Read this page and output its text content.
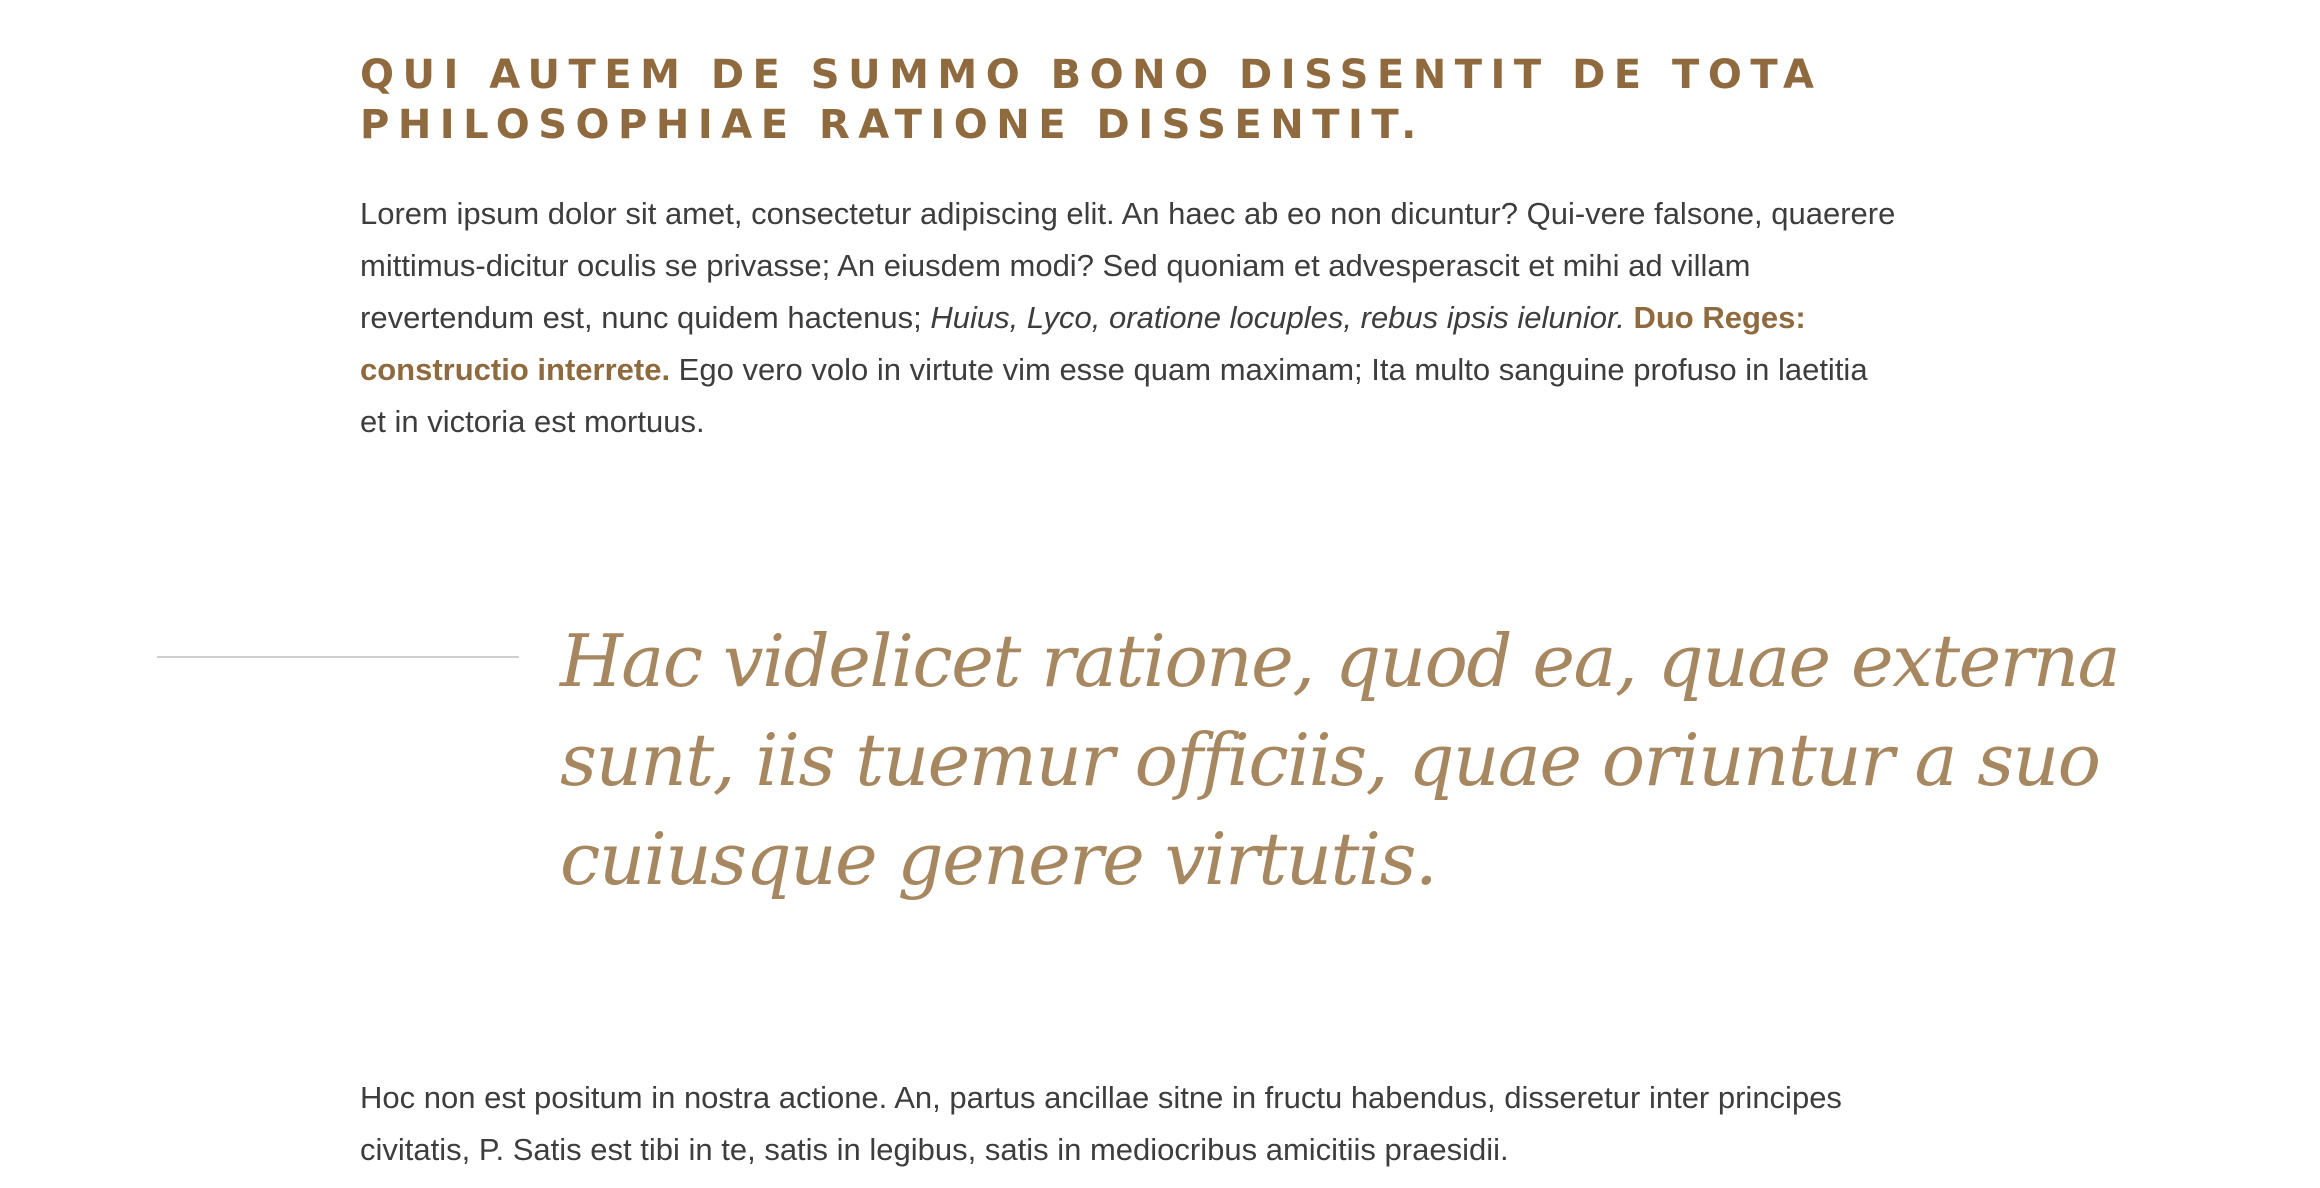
QUI AUTEM DE SUMMO BONO DISSENTIT DE TOTA PHILOSOPHIAE RATIONE DISSENTIT.

Lorem ipsum dolor sit amet, consectetur adipiscing elit. An haec ab eo non dicuntur? Qui-vere falsone, quaerere mittimus-dicitur oculis se privasse; An eiusdem modi? Sed quoniam et advesperascit et mihi ad villam revertendum est, nunc quidem hactenus; Huius, Lyco, oratione locuples, rebus ipsis ielunior. Duo Reges: constructio interrete. Ego vero volo in virtute vim esse quam maximam; Ita multo sanguine profuso in laetitia et in victoria est mortuus.

Hac videlicet ratione, quod ea, quae externa sunt, iis tuemur officiis, quae oriuntur a suo cuiusque genere virtutis.

Hoc non est positum in nostra actione. An, partus ancillae sitne in fructu habendus, disseretur inter principes civitatis, P. Satis est tibi in te, satis in legibus, satis in mediocribus amicitiis praesidii.
